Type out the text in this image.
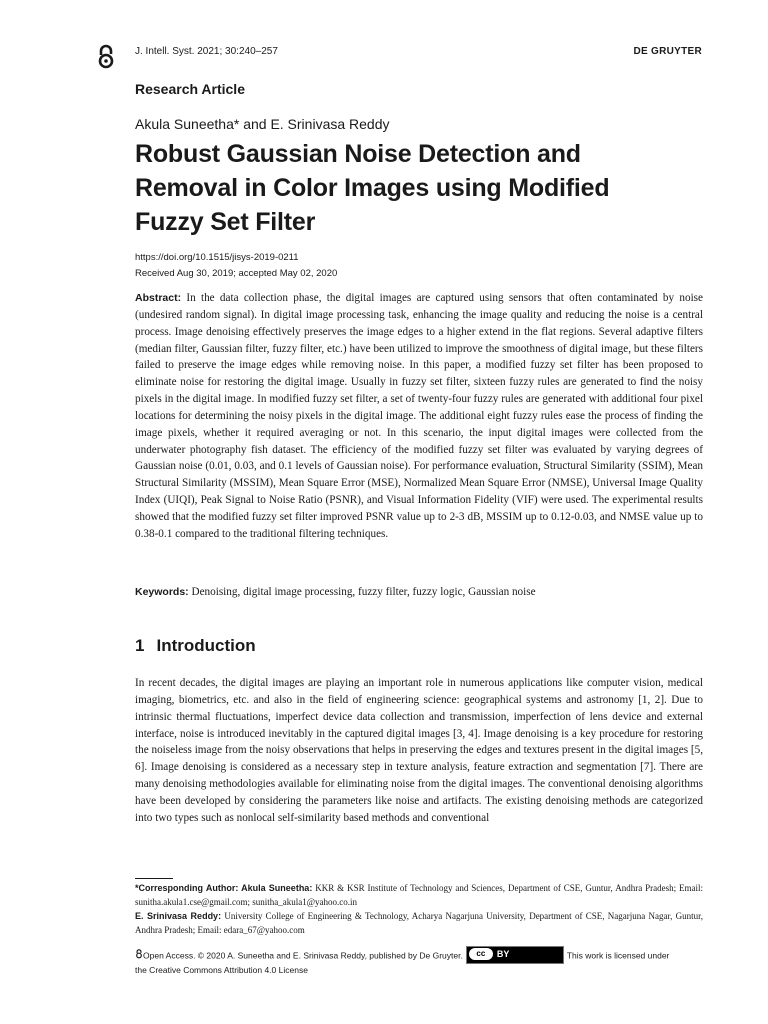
J. Intell. Syst. 2021; 30:240–257	DE GRUYTER
Research Article
Akula Suneetha* and E. Srinivasa Reddy
Robust Gaussian Noise Detection and Removal in Color Images using Modified Fuzzy Set Filter
https://doi.org/10.1515/jisys-2019-0211
Received Aug 30, 2019; accepted May 02, 2020
Abstract: In the data collection phase, the digital images are captured using sensors that often contaminated by noise (undesired random signal). In digital image processing task, enhancing the image quality and reducing the noise is a central process. Image denoising effectively preserves the image edges to a higher extend in the flat regions. Several adaptive filters (median filter, Gaussian filter, fuzzy filter, etc.) have been utilized to improve the smoothness of digital image, but these filters failed to preserve the image edges while removing noise. In this paper, a modified fuzzy set filter has been proposed to eliminate noise for restoring the digital image. Usually in fuzzy set filter, sixteen fuzzy rules are generated to find the noisy pixels in the digital image. In modified fuzzy set filter, a set of twenty-four fuzzy rules are generated with additional four pixel locations for determining the noisy pixels in the digital image. The additional eight fuzzy rules ease the process of finding the image pixels, whether it required averaging or not. In this scenario, the input digital images were collected from the underwater photography fish dataset. The efficiency of the modified fuzzy set filter was evaluated by varying degrees of Gaussian noise (0.01, 0.03, and 0.1 levels of Gaussian noise). For performance evaluation, Structural Similarity (SSIM), Mean Structural Similarity (MSSIM), Mean Square Error (MSE), Normalized Mean Square Error (NMSE), Universal Image Quality Index (UIQI), Peak Signal to Noise Ratio (PSNR), and Visual Information Fidelity (VIF) were used. The experimental results showed that the modified fuzzy set filter improved PSNR value up to 2-3 dB, MSSIM up to 0.12-0.03, and NMSE value up to 0.38-0.1 compared to the traditional filtering techniques.
Keywords: Denoising, digital image processing, fuzzy filter, fuzzy logic, Gaussian noise
1 Introduction
In recent decades, the digital images are playing an important role in numerous applications like computer vision, medical imaging, biometrics, etc. and also in the field of engineering science: geographical systems and astronomy [1, 2]. Due to intrinsic thermal fluctuations, imperfect device data collection and transmission, imperfection of lens device and external interface, noise is introduced inevitably in the captured digital images [3, 4]. Image denoising is a key procedure for restoring the noiseless image from the noisy observations that helps in preserving the edges and textures present in the digital images [5, 6]. Image denoising is considered as a necessary step in texture analysis, feature extraction and segmentation [7]. There are many denoising methodologies available for eliminating noise from the digital images. The conventional denoising algorithms have been developed by considering the parameters like noise and artifacts. The existing denoising methods are categorized into two types such as nonlocal self-similarity based methods and conventional
*Corresponding Author: Akula Suneetha: KKR & KSR Institute of Technology and Sciences, Department of CSE, Guntur, Andhra Pradesh; Email: sunitha.akula1.cse@gmail.com; sunitha_akula1@yahoo.co.in
E. Srinivasa Reddy: University College of Engineering & Technology, Acharya Nagarjuna University, Department of CSE, Nagarjuna Nagar, Guntur, Andhra Pradesh; Email: edara_67@yahoo.com
Open Access. © 2020 A. Suneetha and E. Srinivasa Reddy, published by De Gruyter.	cc	BY	This work is licensed under
the Creative Commons Attribution 4.0 License
